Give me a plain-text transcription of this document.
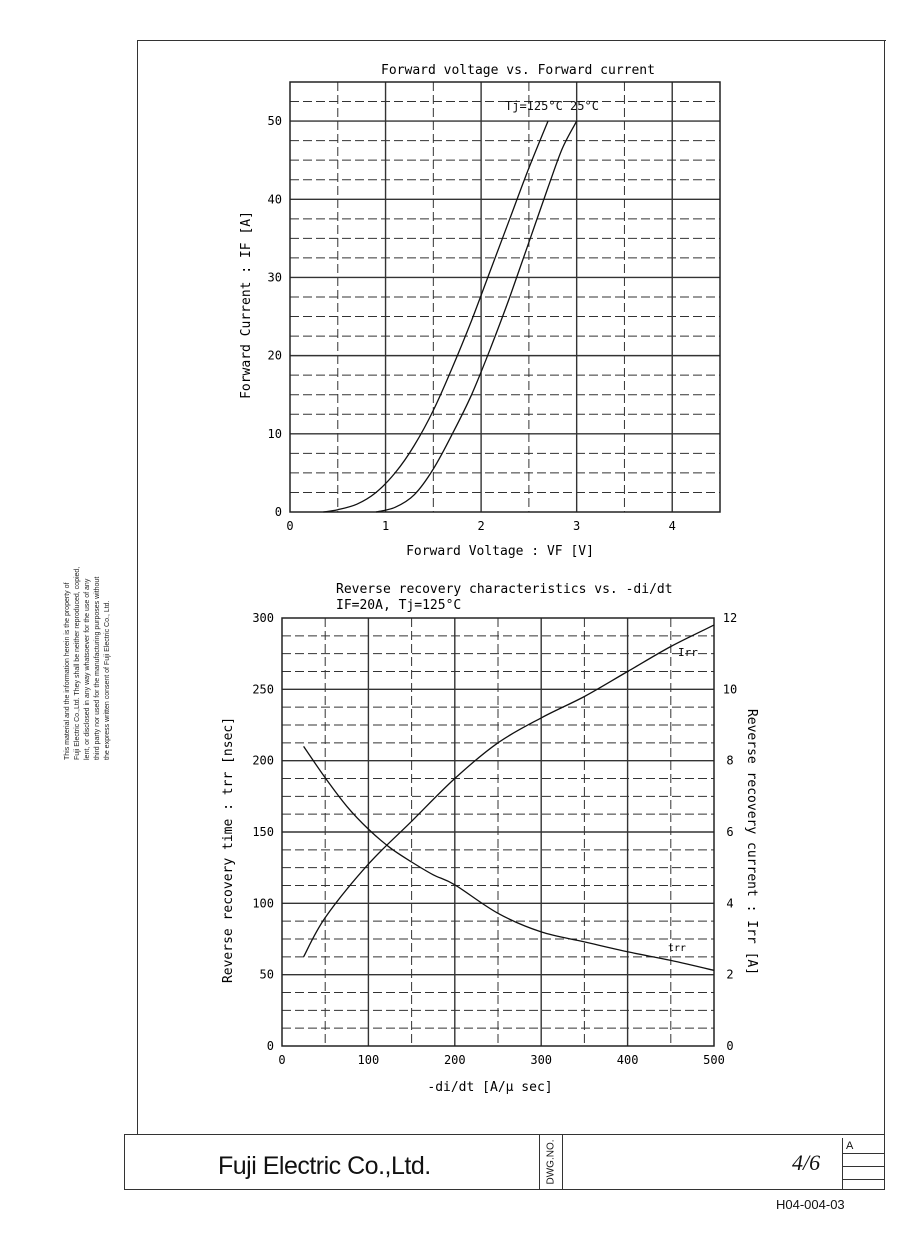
This material and the information herein is the property of Fuji Electric Co.,Ltd. They shall be neither reproduced, copied, lent, or disclosed in any way whatsoever for the use of any third party nor used for the manufacturing purposes without the express written consent of Fuji Electric Co., Ltd.
Forward voltage vs. Forward current
0	1	2	3	4
0
10
20
30
40
50
Tj=125°C 25°C
Forward Voltage : VF [V]
Forward Current : IF [A]
Reverse recovery characteristics vs. -di/dt
IF=20A, Tj=125°C
0	100	200	300	400	500
0
50
100
150
200
250
300
0
2
4
6
8
10
12
Irr
trr
-di/dt [A/μ sec]
Reverse recovery time : trr [nsec]	Reverse recovery current : Irr [A]
Fuji Electric Co.,Ltd.	DWG.NO.	4/6
A
H04-004-03
